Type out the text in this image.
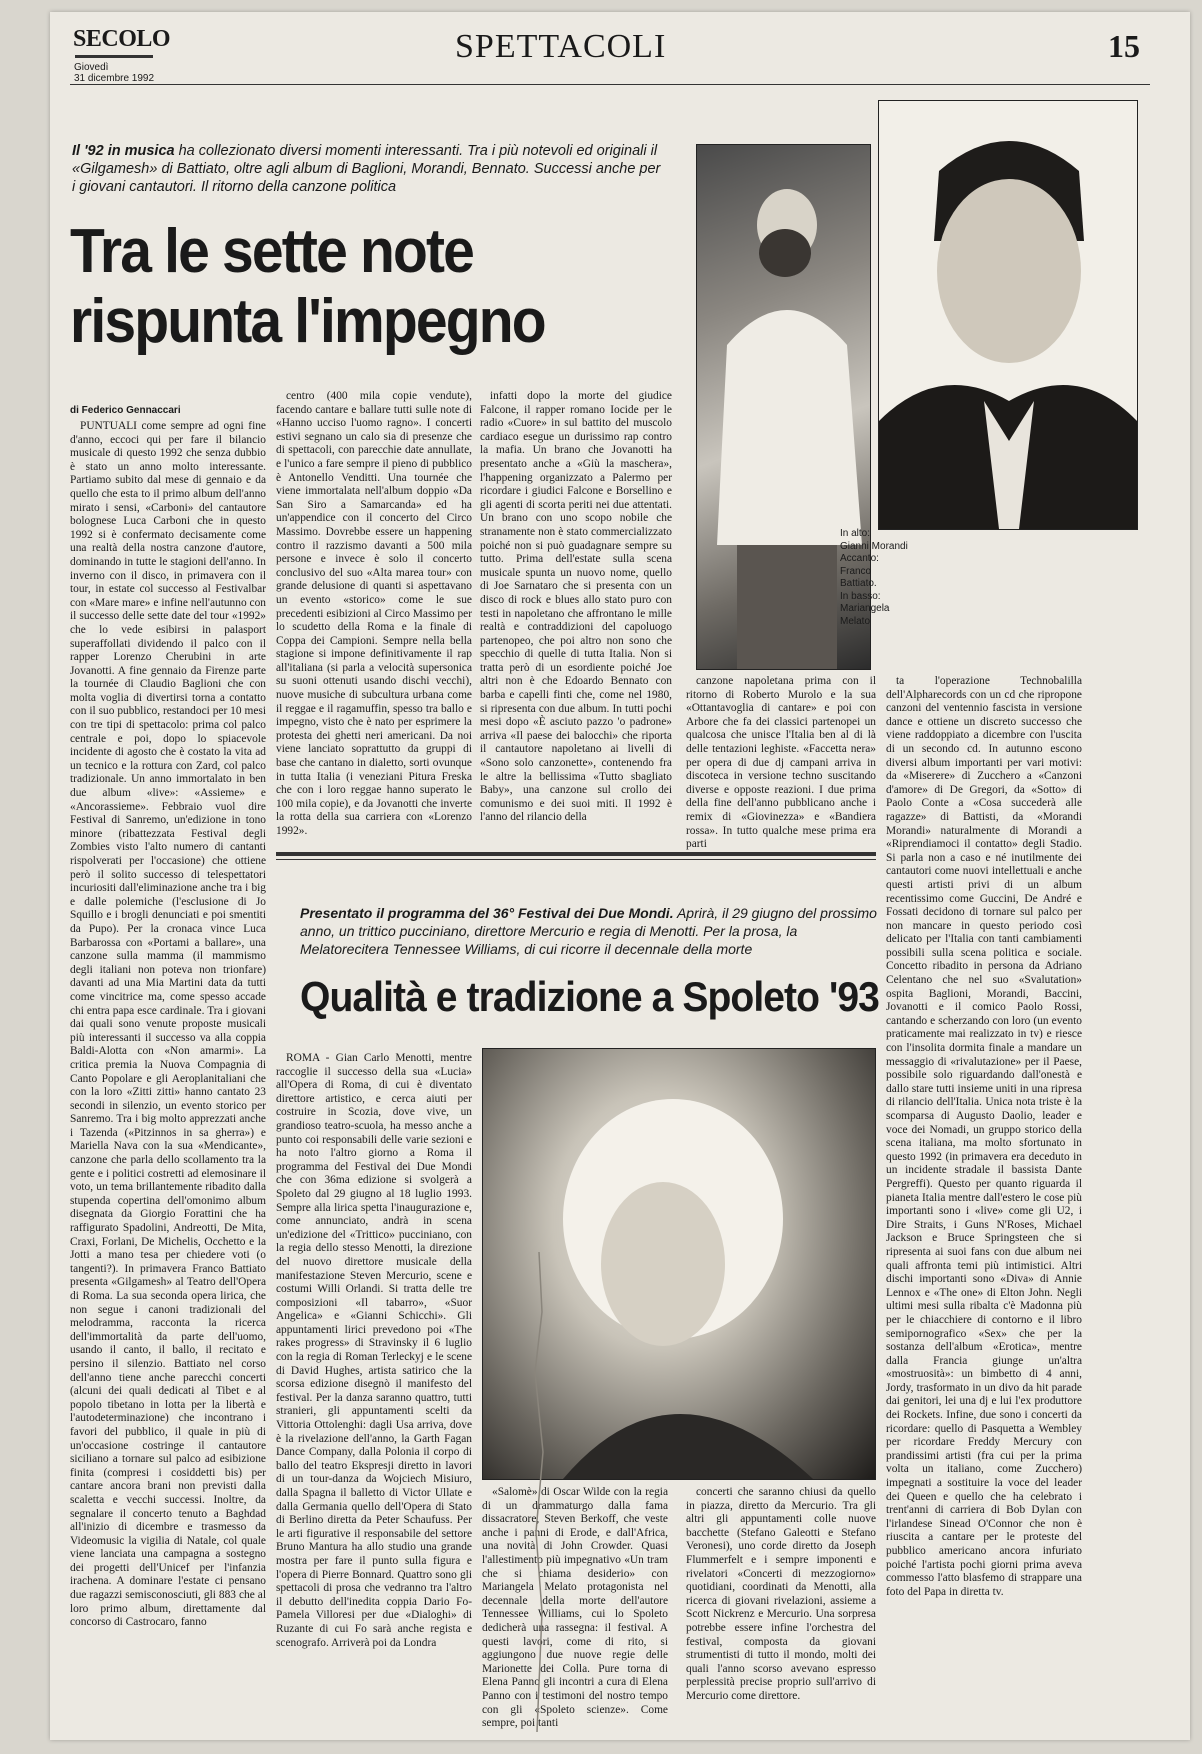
SECOLO
Giovedì
31 dicembre 1992
SPETTACOLI	15
Il '92 in musica ha collezionato diversi momenti interessanti. Tra i più notevoli ed originali il «Gilgamesh» di Battiato, oltre agli album di Baglioni, Morandi, Bennato. Successi anche per i giovani cantautori. Il ritorno della canzone politica
Tra le sette note
rispunta l'impegno
di Federico Gennaccari

PUNTUALI come sempre ad ogni fine d'anno, eccoci qui per fare il bilancio musicale di questo 1992 che senza dubbio è stato un anno molto interessante. Partiamo subito dal mese di gennaio e da quello che esta to il primo album dell'anno mirato i sensi, «Carboni» del cantautore bolognese Luca Carboni che in questo 1992 si è confermato decisamente come una realtà della nostra canzone d'autore, dominando in tutte le stagioni dell'anno. In inverno con il disco, in primavera con il tour, in estate col successo al Festivalbar con «Mare mare» e infine nell'autunno con il successo delle sette date del tour «1992» che lo vede esibirsi in palasport superaffollati dividendo il palco con il rapper Lorenzo Cherubini in arte Jovanotti. A fine gennaio da Firenze parte la tournée di Claudio Baglioni che con molta voglia di divertirsi torna a contatto con il suo pubblico, restandoci per 10 mesi con tre tipi di spettacolo: prima col palco centrale e poi, dopo lo spiacevole incidente di agosto che è costato la vita ad un tecnico e la rottura con Zard, col palco tradizionale. Un anno immortalato in ben due album «live»: «Assieme» e «Ancorassieme». Febbraio vuol dire Festival di Sanremo, un'edizione in tono minore (ribattezzata Festival degli Zombies visto l'alto numero di cantanti rispolverati per l'occasione) che ottiene però il solito successo di telespettatori incuriositi dall'eliminazione anche tra i big e dalle polemiche (l'esclusione di Jo Squillo e i brogli denunciati e poi smentiti da Pupo). Per la cronaca vince Luca Barbarossa con «Portami a ballare», una canzone sulla mamma (il mammismo degli italiani non poteva non trionfare) davanti ad una Mia Martini data da tutti come vincitrice ma, come spesso accade chi entra papa esce cardinale. Tra i giovani dai quali sono venute proposte musicali più interessanti il successo va alla coppia Baldi-Alotta con «Non amarmi». La critica premia la Nuova Compagnia di Canto Popolare e gli Aeroplanitaliani che con la loro «Zitti zitti» hanno cantato 23 secondi in silenzio, un evento storico per Sanremo. Tra i big molto apprezzati anche i Tazenda («Pitzinnos in sa gherra») e Mariella Nava con la sua «Mendicante», canzone che parla dello scollamento tra la gente e i politici costretti ad elemosinare il voto, un tema brillantemente ribadito dalla stupenda copertina dell'omonimo album disegnata da Giorgio Forattini che ha raffigurato Spadolini, Andreotti, De Mita, Craxi, Forlani, De Michelis, Occhetto e la Jotti a mano tesa per chiedere voti (o tangenti?). In primavera Franco Battiato presenta «Gilgamesh» al Teatro dell'Opera di Roma. La sua seconda opera lirica, che non segue i canoni tradizionali del melodramma, racconta la ricerca dell'immortalità da parte dell'uomo, usando il canto, il ballo, il recitato e persino il silenzio. Battiato nel corso dell'anno tiene anche parecchi concerti (alcuni dei quali dedicati al Tibet e al popolo tibetano in lotta per la libertà e l'autodeterminazione) che incontrano i favori del pubblico, il quale in più di un'occasione costringe il cantautore siciliano a tornare sul palco ad esibizione finita (compresi i cosiddetti bis) per cantare ancora brani non previsti dalla scaletta e vecchi successi. Inoltre, da segnalare il concerto tenuto a Baghdad all'inizio di dicembre e trasmesso da Videomusic la vigilia di Natale, col quale viene lanciata una campagna a sostegno dei progetti dell'Unicef per l'infanzia irachena. A dominare l'estate ci pensano due ragazzi semisconosciuti, gli 883 che al loro primo album, direttamente dal concorso di Castrocaro, fanno

centro (400 mila copie vendute), facendo cantare e ballare tutti sulle note di «Hanno ucciso l'uomo ragno». I concerti estivi segnano un calo sia di presenze che di spettacoli, con parecchie date annullate, e l'unico a fare sempre il pieno di pubblico è Antonello Venditti. Una tournée che viene immortalata nell'album doppio «Da San Siro a Samarcanda» ed ha un'appendice con il concerto del Circo Massimo. Dovrebbe essere un happening contro il razzismo davanti a 500 mila persone e invece è solo il concerto conclusivo del suo «Alta marea tour» con grande delusione di quanti si aspettavano un evento «storico» come le sue precedenti esibizioni al Circo Massimo per lo scudetto della Roma e la finale di Coppa dei Campioni. Sempre nella bella stagione si impone definitivamente il rap all'italiana (si parla a velocità supersonica su suoni ottenuti usando dischi vecchi), nuove musiche di subcultura urbana come il reggae e il ragamuffin, spesso tra ballo e impegno, visto che è nato per esprimere la protesta dei ghetti neri americani. Da noi viene lanciato soprattutto da gruppi di base che cantano in dialetto, sorti ovunque in tutta Italia (i veneziani Pitura Freska che con i loro reggae hanno superato le 100 mila copie), e da Jovanotti che inverte la rotta della sua carriera con «Lorenzo 1992».

infatti dopo la morte del giudice Falcone, il rapper romano Iocide per le radio «Cuore» in sul battito del muscolo cardiaco esegue un durissimo rap contro la mafia. Un brano che Jovanotti ha presentato anche a «Giù la maschera», l'happening organizzato a Palermo per ricordare i giudici Falcone e Borsellino e gli agenti di scorta periti nei due attentati. Un brano con uno scopo nobile che stranamente non è stato commercializzato poiché non si può guadagnare sempre su tutto. Prima dell'estate sulla scena musicale spunta un nuovo nome, quello di Joe Sarnataro che si presenta con un disco di rock e blues allo stato puro con testi in napoletano che affrontano le mille realtà e contraddizioni del capoluogo partenopeo, che poi altro non sono che specchio di quelle di tutta Italia. Non si tratta però di un esordiente poiché Joe altri non è che Edoardo Bennato con barba e capelli finti che, come nel 1980, si ripresenta con due album. In tutti pochi mesi dopo «È asciuto pazzo 'o padrone» arriva «Il paese dei balocchi» che riporta il cantautore napoletano ai livelli di «Sono solo canzonette», contenendo fra le altre la bellissima «Tutto sbagliato Baby», una canzone sul crollo dei comunismo e dei suoi miti. Il 1992 è l'anno del rilancio della

canzone napoletana prima con il ritorno di Roberto Murolo e la sua «Ottantavoglia di cantare» e poi con Arbore che fa dei classici partenopei un qualcosa che unisce l'Italia ben al di là delle tentazioni leghiste. «Faccetta nera» per opera di due dj campani arriva in discoteca in versione techno suscitando diverse e opposte reazioni. I due prima della fine dell'anno pubblicano anche i remix di «Giovinezza» e «Bandiera rossa». In tutto qualche mese prima era parti

ta l'operazione Technobalilla dell'Alpharecords con un cd che ripropone canzoni del ventennio fascista in versione dance e ottiene un discreto successo che viene raddoppiato a dicembre con l'uscita di un secondo cd. In autunno escono diversi album importanti per vari motivi: da «Miserere» di Zucchero a «Canzoni d'amore» di De Gregori, da «Sotto» di Paolo Conte a «Cosa succederà alle ragazze» di Battisti, da «Morandi Morandi» naturalmente di Morandi a «Riprendiamoci il contatto» degli Stadio. Si parla non a caso e né inutilmente dei cantautori come nuovi intellettuali e anche questi artisti privi di un album recentissimo come Guccini, De André e Fossati decidono di tornare sul palco per non mancare in questo periodo così delicato per l'Italia con tanti cambiamenti possibili sulla scena politica e sociale. Concetto ribadito in persona da Adriano Celentano che nel suo «Svalutation» ospita Baglioni, Morandi, Baccini, Jovanotti e il comico Paolo Rossi, cantando e scherzando con loro (un evento praticamente mai realizzato in tv) e riesce con l'insolita dormita finale a mandare un messaggio di «rivalutazione» per il Paese, possibile solo riguardando dall'onestà e dallo stare tutti insieme uniti in una ripresa di rilancio dell'Italia. Unica nota triste è la scomparsa di Augusto Daolio, leader e voce dei Nomadi, un gruppo storico della scena italiana, ma molto sfortunato in questo 1992 (in primavera era deceduto in un incidente stradale il bassista Dante Pergreffi). Questo per quanto riguarda il pianeta Italia mentre dall'estero le cose più importanti sono i «live» come gli U2, i Dire Straits, i Guns N'Roses, Michael Jackson e Bruce Springsteen che si ripresenta ai suoi fans con due album nei quali affronta temi più intimistici. Altri dischi importanti sono «Diva» di Annie Lennox e «The one» di Elton John. Negli ultimi mesi sulla ribalta c'è Madonna più per le chiacchiere di contorno e il libro semipornografico «Sex» che per la sostanza dell'album «Erotica», mentre dalla Francia giunge un'altra «mostruosità»: un bimbetto di 4 anni, Jordy, trasformato in un divo da hit parade dai genitori, lei una dj e lui l'ex produttore dei Rockets. Infine, due sono i concerti da ricordare: quello di Pasquetta a Wembley per ricordare Freddy Mercury con prandissimi artisti (fra cui per la prima volta un italiano, come Zucchero) impegnati a sostituire la voce del leader dei Queen e quello che ha celebrato i trent'anni di carriera di Bob Dylan con l'irlandese Sinead O'Connor che non è riuscita a cantare per le proteste del pubblico americano ancora infuriato poiché l'artista pochi giorni prima aveva commesso l'atto blasfemo di strappare una foto del Papa in diretta tv.

In alto:
Gianni Morandi
Accanto:
Franco
Battiato.
In basso:
Mariangela
Melato
Presentato il programma del 36° Festival dei Due Mondi. Aprirà, il 29 giugno del prossimo anno, un trittico pucciniano, direttore Mercurio e regia di Menotti. Per la prosa, la Melatorecitera Tennessee Williams, di cui ricorre il decennale della morte
Qualità e tradizione a Spoleto '93

ROMA - Gian Carlo Menotti, mentre raccoglie il successo della sua «Lucia» all'Opera di Roma, di cui è diventato direttore artistico, e cerca aiuti per costruire in Scozia, dove vive, un grandioso teatro-scuola, ha messo anche a punto coi responsabili delle varie sezioni e ha noto l'altro giorno a Roma il programma del Festival dei Due Mondi che con 36ma edizione si svolgerà a Spoleto dal 29 giugno al 18 luglio 1993. Sempre alla lirica spetta l'inaugurazione e, come annunciato, andrà in scena un'edizione del «Trittico» pucciniano, con la regia dello stesso Menotti, la direzione del nuovo direttore musicale della manifestazione Steven Mercurio, scene e costumi Willi Orlandi. Si tratta delle tre composizioni «Il tabarro», «Suor Angelica» e «Gianni Schicchi». Gli appuntamenti lirici prevedono poi «The rakes progress» di Stravinsky il 6 luglio con la regia di Roman Terleckyj e le scene di David Hughes, artista satirico che la scorsa edizione disegnò il manifesto del festival. Per la danza saranno quattro, tutti stranieri, gli appuntamenti scelti da Vittoria Ottolenghi: dagli Usa arriva, dove è la rivelazione dell'anno, la Garth Fagan Dance Company, dalla Polonia il corpo di ballo del teatro Ekspresji diretto in lavori di un tour-danza da Wojciech Misiuro, dalla Spagna il balletto di Victor Ullate e dalla Germania quello dell'Opera di Stato di Berlino diretta da Peter Schaufuss. Per le arti figurative il responsabile del settore Bruno Mantura ha allo studio una grande mostra per fare il punto sulla figura e l'opera di Pierre Bonnard. Quattro sono gli spettacoli di prosa che vedranno tra l'altro il debutto dell'inedita coppia Dario Fo-Pamela Villoresi per due «Dialoghi» di Ruzante di cui Fo sarà anche regista e scenografo. Arriverà poi da Londra

«Salomè» di Oscar Wilde con la regia di un drammaturgo dalla fama dissacratore, Steven Berkoff, che veste anche i panni di Erode, e dall'Africa, una novità di John Crowder. Quasi l'allestimento più impegnativo «Un tram che si chiama desiderio» con Mariangela Melato protagonista nel decennale della morte dell'autore Tennessee Williams, cui lo Spoleto dedicherà una rassegna: il festival. A questi lavori, come di rito, si aggiungono due nuove regie delle Marionette dei Colla. Pure torna di Elena Panno gli incontri a cura di Elena Panno con i testimoni del nostro tempo con gli «Spoleto scienze». Come sempre, poi tanti

concerti che saranno chiusi da quello in piazza, diretto da Mercurio. Tra gli altri gli appuntamenti colle nuove bacchette (Stefano Galeotti e Stefano Veronesi), uno corde diretto da Joseph Flummerfelt e i sempre imponenti e rivelatori «Concerti di mezzogiorno» quotidiani, coordinati da Menotti, alla ricerca di giovani rivelazioni, assieme a Scott Nickrenz e Mercurio. Una sorpresa potrebbe essere infine l'orchestra del festival, composta da giovani strumentisti di tutto il mondo, molti dei quali l'anno scorso avevano espresso perplessità precise proprio sull'arrivo di Mercurio come direttore.
